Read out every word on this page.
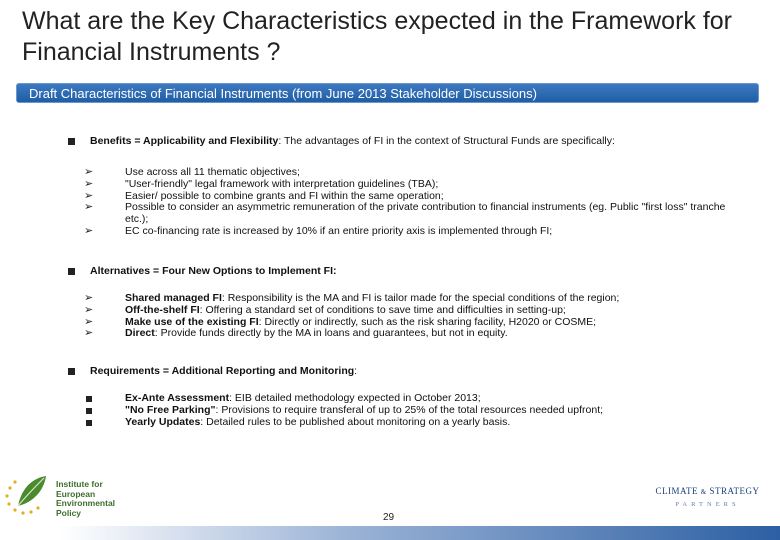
What are the Key Characteristics expected in the Framework for Financial Instruments ?
Draft Characteristics of Financial Instruments (from June 2013 Stakeholder Discussions)
Benefits = Applicability and Flexibility: The advantages of FI in the context of Structural Funds are specifically:
➢	Use across all 11 thematic objectives;
➢	"User-friendly" legal framework with interpretation guidelines (TBA);
➢	Easier/ possible to combine grants and FI within the same operation;
➢	Possible to consider an asymmetric remuneration of the private contribution to financial instruments (eg. Public "first loss" tranche etc.);
➢	EC co-financing rate is increased by 10% if an entire priority axis is implemented through FI;
Alternatives = Four New Options to Implement FI:
➢	Shared managed FI: Responsibility is the MA and FI is tailor made for the special conditions of the region;
➢	Off-the-shelf FI: Offering a standard set of conditions to save time and difficulties in setting-up;
➢	Make use of the existing FI: Directly or indirectly, such as the risk sharing facility, H2020 or COSME;
➢	Direct: Provide funds directly by the MA in loans and guarantees, but not in equity.
Requirements = Additional Reporting and Monitoring:
Ex-Ante Assessment: EIB detailed methodology expected in October 2013;
"No Free Parking": Provisions to require transferal of up to 25% of the total resources needed upfront;
Yearly Updates: Detailed rules to be published about monitoring on a yearly basis.
Institute for
European
Environmental
Policy
CLIMATE & STRATEGY
PARTNERS
29
